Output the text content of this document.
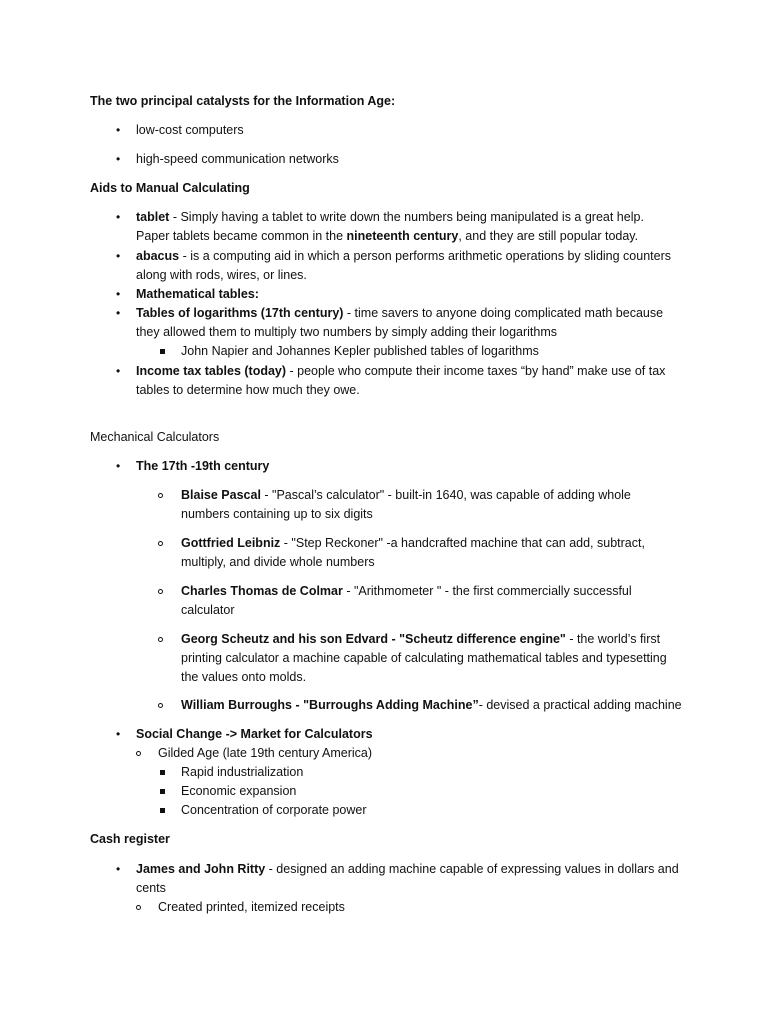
The two principal catalysts for the Information Age:
• low-cost computers
• high-speed communication networks
Aids to Manual Calculating
• tablet - Simply having a tablet to write down the numbers being manipulated is a great help.
Paper tablets became common in the nineteenth century, and they are still popular today.
• abacus - is a computing aid in which a person performs arithmetic operations by sliding counters
along with rods, wires, or lines.
• Mathematical tables:
• Tables of logarithms (17th century) - time savers to anyone doing complicated math because
they allowed them to multiply two numbers by simply adding their logarithms
John Napier and Johannes Kepler published tables of logarithms
• Income tax tables (today) - people who compute their income taxes “by hand” make use of tax
tables to determine how much they owe.
Mechanical Calculators
• The 17th -19th century
Blaise Pascal - "Pascal’s calculator" - built-in 1640, was capable of adding whole
numbers containing up to six digits
Gottfried Leibniz - "Step Reckoner" -a handcrafted machine that can add, subtract,
multiply, and divide whole numbers
Charles Thomas de Colmar - "Arithmometer " - the first commercially successful
calculator
Georg Scheutz and his son Edvard - "Scheutz difference engine" - the world’s first
printing calculator a machine capable of calculating mathematical tables and typesetting
the values onto molds.
William Burroughs - "Burroughs Adding Machine”- devised a practical adding machine
• Social Change -> Market for Calculators
Gilded Age (late 19th century America)
Rapid industrialization
Economic expansion
Concentration of corporate power
Cash register
• James and John Ritty - designed an adding machine capable of expressing values in dollars and
cents
Created printed, itemized receipts
